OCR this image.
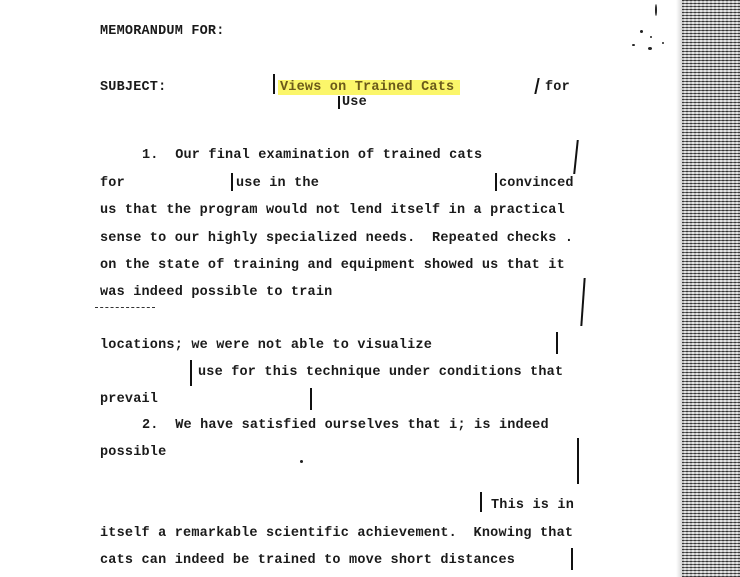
MEMORANDUM FOR:
SUBJECT:	Views on Trained Cats	for
Use
1.  Our final examination of trained cats
for	use in the	convinced
us that the program would not lend itself in a practical
sense to our highly specialized needs.  Repeated checks .
on the state of training and equipment showed us that it
was indeed possible to train
locations; we were not able to visualize
use for this technique under conditions that
prevail
2.  We have satisfied ourselves that i; is indeed
possible
This is in
itself a remarkable scientific achievement.  Knowing that
cats can indeed be trained to move short distances
